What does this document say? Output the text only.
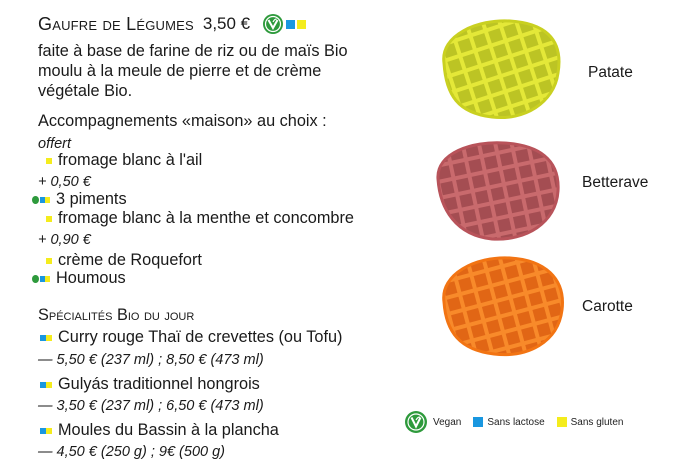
Gaufre de Légumes 3,50 €
faite à base de farine de riz ou de maïs Bio moulu à la meule de pierre et de crème végétale Bio.
Accompagnements «maison» au choix :
offert
fromage blanc à l'ail
+ 0,50 €
3 piments
fromage blanc à la menthe et concombre
+ 0,90 €
crème de Roquefort
Houmous
Spécialités Bio du jour
Curry rouge Thaï de crevettes (ou Tofu)
— 5,50 € (237 ml) ; 8,50 € (473 ml)
Gulyás traditionnel hongrois
— 3,50 € (237 ml) ; 6,50 € (473 ml)
Moules du Bassin à la plancha
— 4,50 € (250 g) ; 9€ (500 g)
Patate
Betterave
Carotte
Vegan	Sans lactose	Sans gluten
